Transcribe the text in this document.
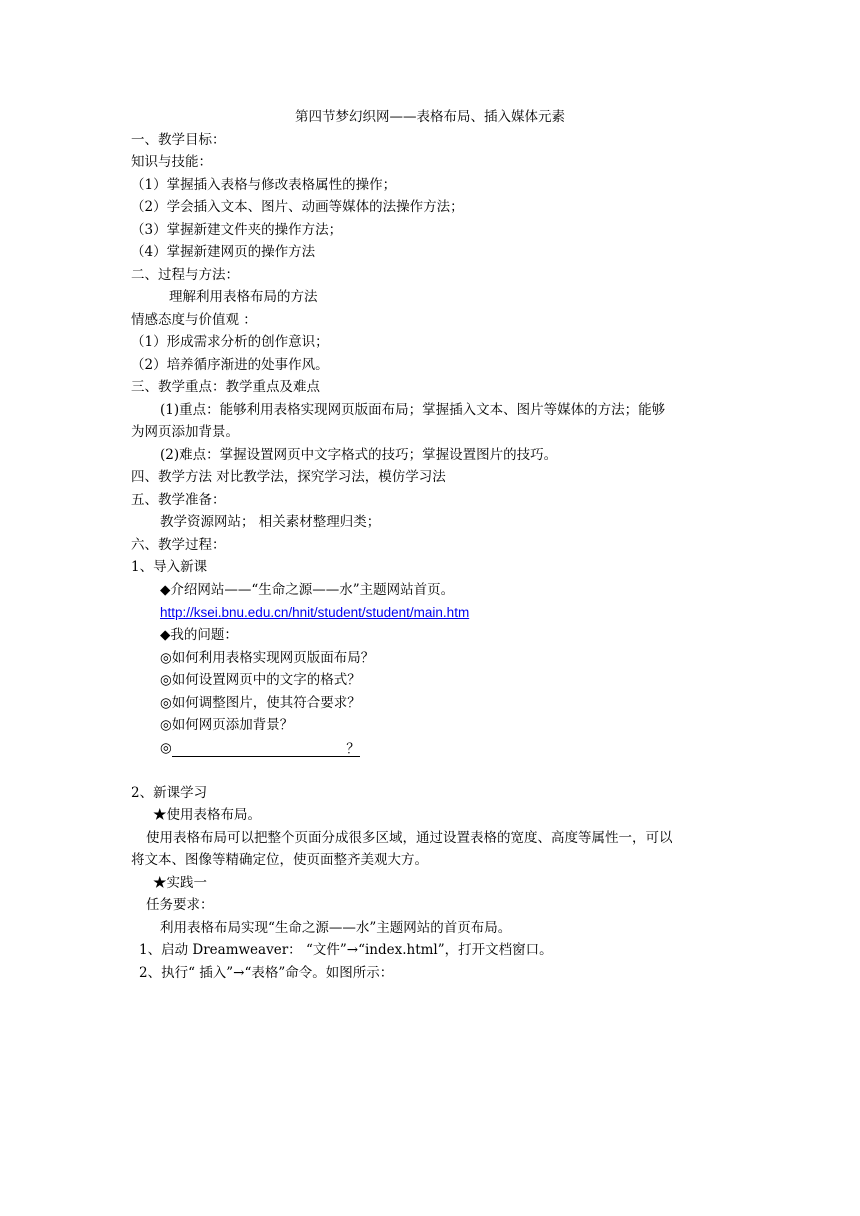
第四节梦幻织网——表格布局、插入媒体元素
一、教学目标：
知识与技能：
（1）掌握插入表格与修改表格属性的操作；
（2）学会插入文本、图片、动画等媒体的法操作方法；
（3）掌握新建文件夹的操作方法；
（4）掌握新建网页的操作方法
二、过程与方法：
理解利用表格布局的方法
情感态度与价值观 ：
（1）形成需求分析的创作意识；
（2）培养循序渐进的处事作风。
三、教学重点：教学重点及难点
(1)重点：能够利用表格实现网页版面布局；掌握插入文本、图片等媒体的方法；能够
为网页添加背景。
(2)难点：掌握设置网页中文字格式的技巧；掌握设置图片的技巧。
四、教学方法 对比教学法，探究学习法，模仿学习法
五、教学准备：
教学资源网站； 相关素材整理归类；
六、教学过程：
1、导入新课
◆介绍网站——“生命之源——水”主题网站首页。
http://ksei.bnu.edu.cn/hnit/student/student/main.htm
◆我的问题：
◎如何利用表格实现网页版面布局？
◎如何设置网页中的文字的格式？
◎如何调整图片，使其符合要求？
◎如何网页添加背景？
◎	？
2、新课学习
★使用表格布局。
使用表格布局可以把整个页面分成很多区域，通过设置表格的宽度、高度等属性一，可以
将文本、图像等精确定位，使页面整齐美观大方。
★实践一
任务要求：
利用表格布局实现“生命之源——水”主题网站的首页布局。
1、启动 Dreamweaver： “文件”→“index.html”，打开文档窗口。
2、执行“ 插入”→“表格”命令。如图所示：
